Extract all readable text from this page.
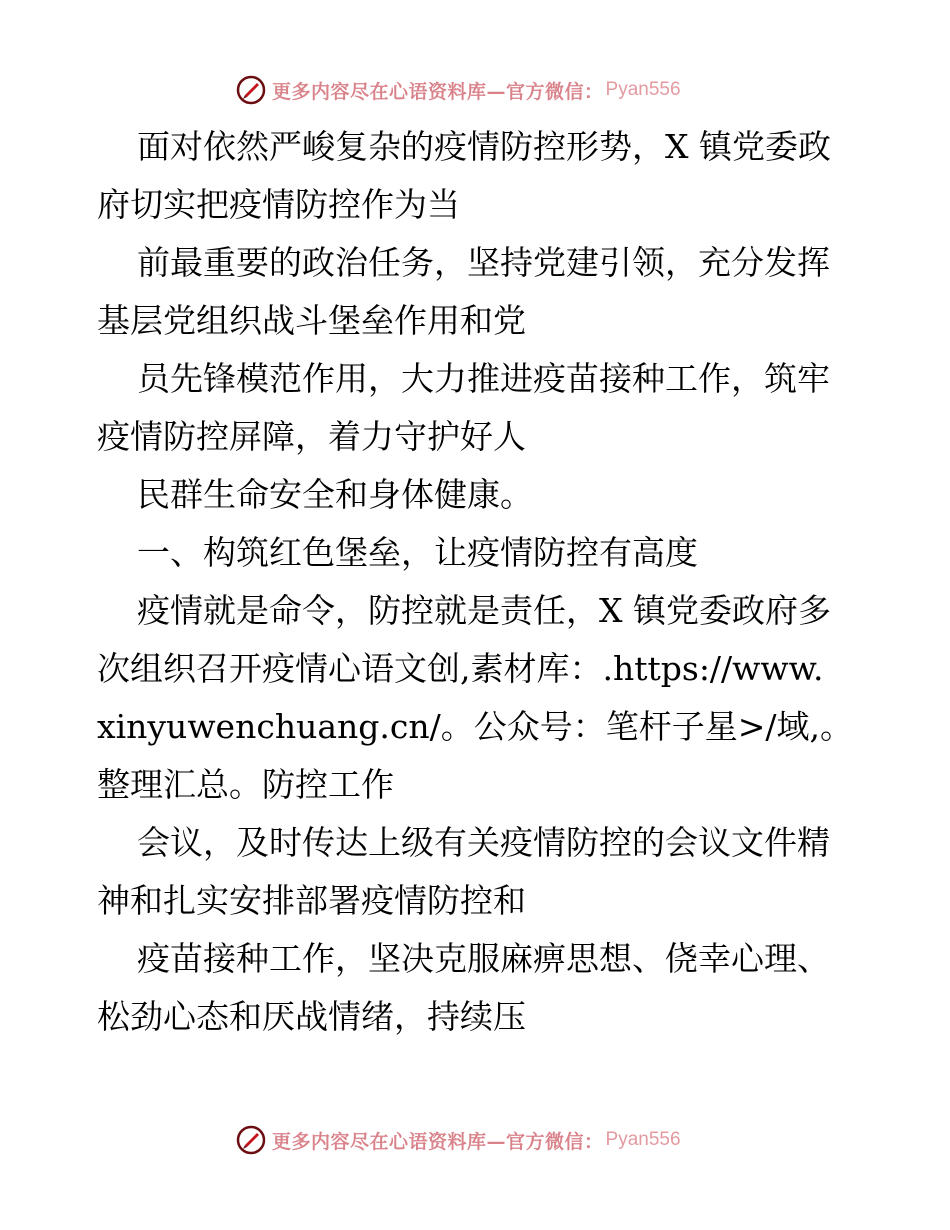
更多内容尽在心语资料库—官方微信： Pyan556
面对依然严峻复杂的疫情防控形势，X 镇党委政
府切实把疫情防控作为当
前最重要的政治任务，坚持党建引领，充分发挥
基层党组织战斗堡垒作用和党
员先锋模范作用，大力推进疫苗接种工作，筑牢
疫情防控屏障，着力守护好人
民群生命安全和身体健康。
一、构筑红色堡垒，让疫情防控有高度
疫情就是命令，防控就是责任，X 镇党委政府多
次组织召开疫情心语文创,素材库：.https://www.
xinyuwenchuang.cn/。公众号：笔杆子星>/域,。
整理汇总。防控工作
会议，及时传达上级有关疫情防控的会议文件精
神和扎实安排部署疫情防控和
疫苗接种工作，坚决克服麻痹思想、侥幸心理、
松劲心态和厌战情绪，持续压
更多内容尽在心语资料库—官方微信： Pyan556
